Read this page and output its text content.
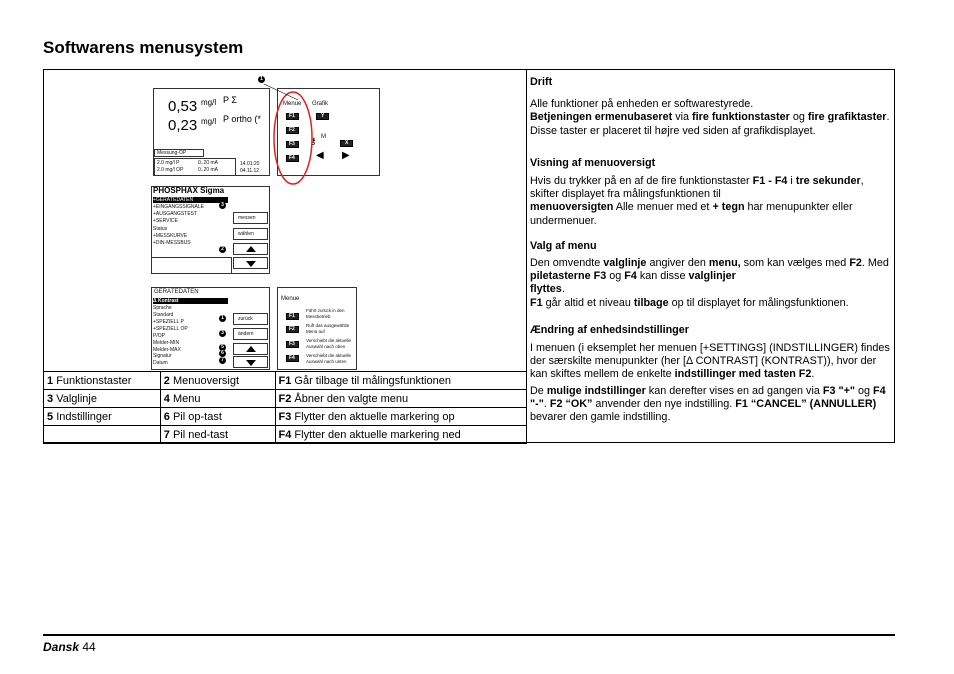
Softwarens menusystem
0,53 mg/l P Σ
0,23 mg/l P ortho (*
Messung-OP
2.0 mg/l P	0..20 mA
2.0 mg/l OP	0..20 mA
14.01:20
04.11.12
Menue Grafik
F1
F2
F3
F4
Y
M
⚷	X
◀ ▶
1
PHOSPHAX Sigma
+GERÄTEDATEN
+EINGANGSSIGNALE
+AUSGANGSTEST
+SERVICE
Status
+MESSKURVE
+DIN-MESSBUS
messen
wählen
3
2
GERÄTEDATEN
Δ Kontrast
Sprache
Standard
+SPEZIELL P
+SPEZIELL OP
P/OP
Melder-MIN
Melder-MAX
Signatur
Datum
zurück
ändern
1
3
5
6
7
Menue
F1
F2
F3
F4
Führt zurück in den Messbetrieb
Ruft das ausgewählte Menü auf
Verschiebt die aktuelle Auswahl nach oben
Verschiebt die aktuelle Auswahl nach unten
1 Funktionstaster	2 Menuoversigt	F1 Går tilbage til målingsfunktionen
3 Valglinje	4 Menu	F2 Åbner den valgte menu
5 Indstillinger	6 Pil op-tast	F3 Flytter den aktuelle markering op
	7 Pil ned-tast	F4 Flytter den aktuelle markering ned

Drift

Alle funktioner på enheden er softwarestyrede.

Betjeningen ermenubaseret via fire funktionstaster og fire grafiktaster. Disse taster er placeret til højre ved siden af grafikdisplayet.

Visning af menuoversigt

Hvis du trykker på en af de fire funktionstaster F1 - F4 i tre sekunder, skifter displayet fra målingsfunktionen til
menuoversigten Alle menuer med et + tegn har menupunkter eller undermenuer.

Valg af menu

Den omvendte valglinje angiver den menu, som kan vælges med F2. Med piletasterne F3 og F4 kan disse valglinjer
flyttes.
F1 går altid et niveau tilbage op til displayet for målingsfunktionen.

Ændring af enhedsindstillinger

I menuen (i eksemplet her menuen [+SETTINGS] (INDSTILLINGER) findes der særskilte menupunkter (her [Δ CONTRAST] (KONTRAST)), hvor der kan skiftes mellem de enkelte indstillinger med tasten F2.

De mulige indstillinger kan derefter vises en ad gangen via F3 "+" og F4 "-". F2 “OK” anvender den nye indstilling. F1 “CANCEL” (ANNULLER) bevarer den gamle indstilling.

Dansk 44
